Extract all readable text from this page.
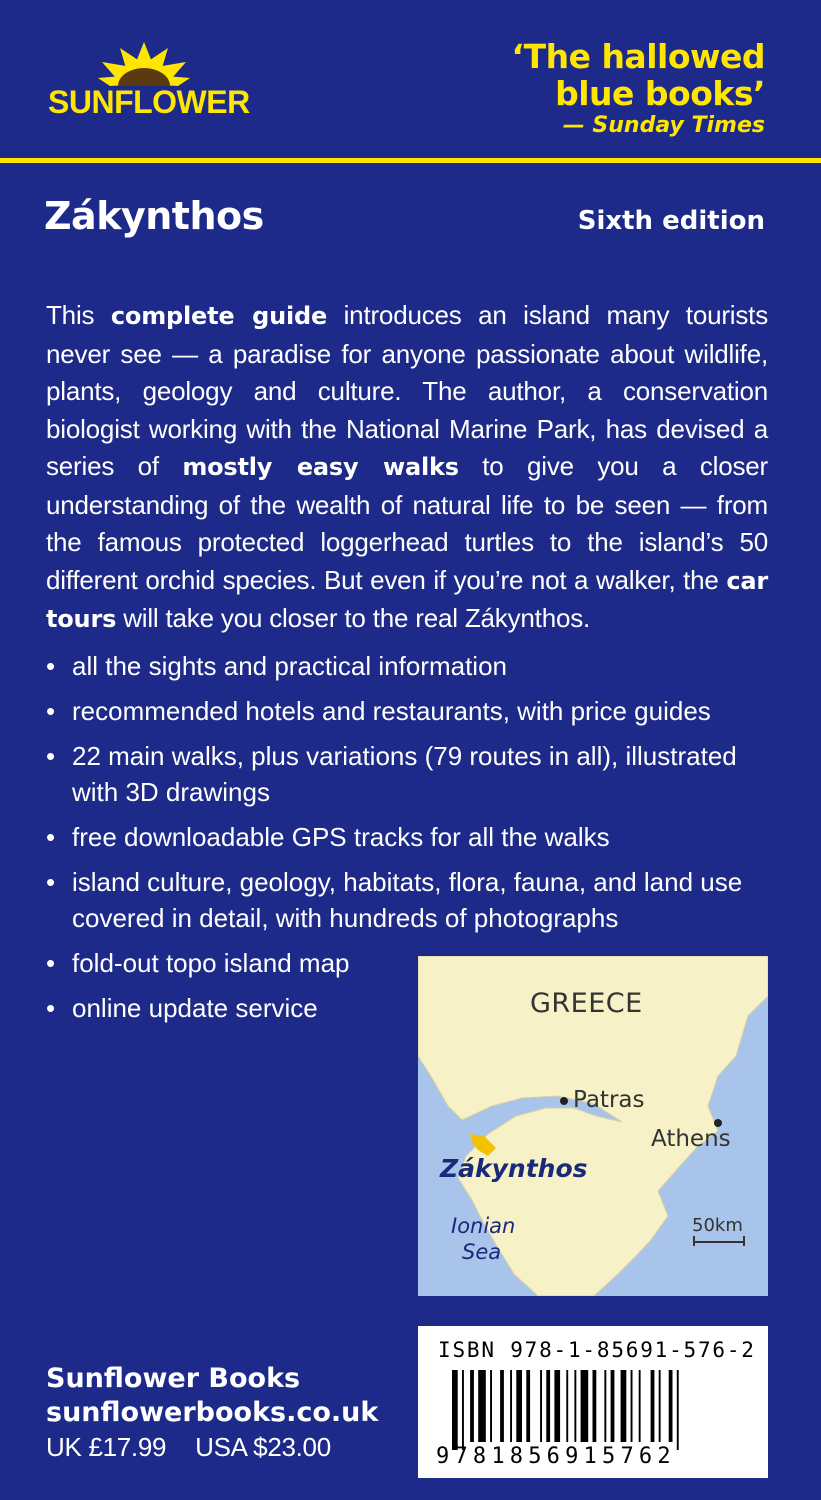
SUNFLOWER
‘The hallowed
blue books’
— Sunday Times
Zákynthos	Sixth edition
This complete guide introduces an island many tourists never see — a paradise for anyone passionate about wildlife, plants, geology and culture. The author, a conservation biologist working with the National Marine Park, has devised a series of mostly easy walks to give you a closer understanding of the wealth of natural life to be seen — from the famous protected loggerhead turtles to the island’s 50 different orchid species. But even if you’re not a walker, the car tours will take you closer to the real Zákynthos.
• all the sights and practical information
• recommended hotels and restaurants, with price guides
• 22 main walks, plus variations (79 routes in all), illustrated with 3D drawings
• free downloadable GPS tracks for all the walks
• island culture, geology, habitats, flora, fauna, and land use covered in detail, with hundreds of photographs
• fold-out topo island map
• online update service	GREECE
Patras
Athens
Zákynthos
Ionian
Sea
50km
Sunflower Books
sunflowerbooks.co.uk
UK £17.99 USA $23.00
ISBN 978-1-85691-576-2
9781856915762
